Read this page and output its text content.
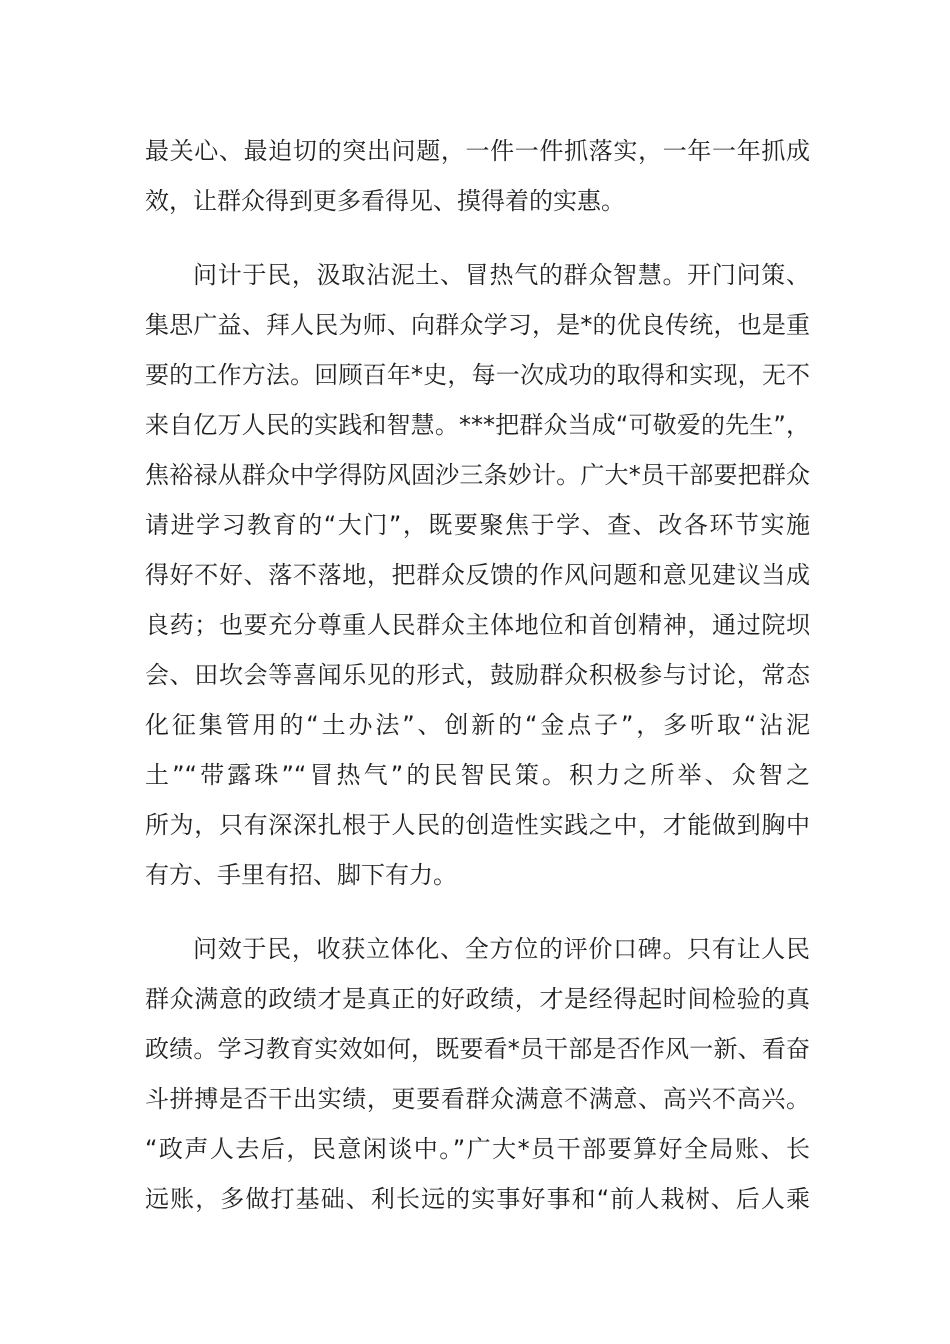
最关心、最迫切的突出问题，一件一件抓落实，一年一年抓成
效，让群众得到更多看得见、摸得着的实惠。

问计于民，汲取沾泥土、冒热气的群众智慧。开门问策、
集思广益、拜人民为师、向群众学习，是*的优良传统，也是重
要的工作方法。回顾百年*史，每一次成功的取得和实现，无不
来自亿万人民的实践和智慧。***把群众当成“可敬爱的先生”，
焦裕禄从群众中学得防风固沙三条妙计。广大*员干部要把群众
请进学习教育的“大门”，既要聚焦于学、查、改各环节实施
得好不好、落不落地，把群众反馈的作风问题和意见建议当成
良药；也要充分尊重人民群众主体地位和首创精神，通过院坝
会、田坎会等喜闻乐见的形式，鼓励群众积极参与讨论，常态
化征集管用的“土办法”、创新的“金点子”，多听取“沾泥
土”“带露珠”“冒热气”的民智民策。积力之所举、众智之
所为，只有深深扎根于人民的创造性实践之中，才能做到胸中
有方、手里有招、脚下有力。

问效于民，收获立体化、全方位的评价口碑。只有让人民
群众满意的政绩才是真正的好政绩，才是经得起时间检验的真
政绩。学习教育实效如何，既要看*员干部是否作风一新、看奋
斗拼搏是否干出实绩，更要看群众满意不满意、高兴不高兴。
“政声人去后，民意闲谈中。”广大*员干部要算好全局账、长
远账，多做打基础、利长远的实事好事和“前人栽树、后人乘
